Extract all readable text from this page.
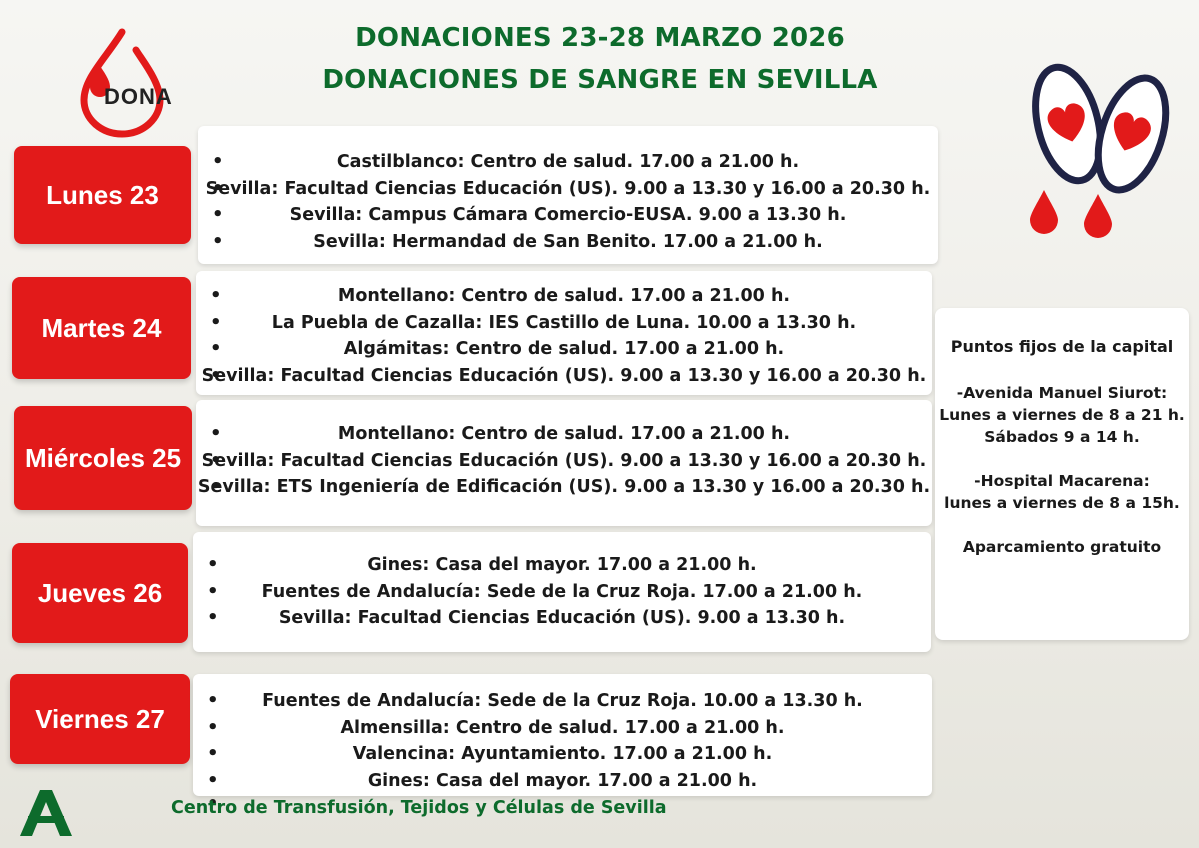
DONACIONES 23-28 MARZO 2026
DONACIONES DE SANGRE EN SEVILLA
DONA
Lunes 23
• Castilblanco: Centro de salud. 17.00 a 21.00 h.
• Sevilla: Facultad Ciencias Educación (US). 9.00 a 13.30 y 16.00 a 20.30 h.
• Sevilla: Campus Cámara Comercio-EUSA. 9.00 a 13.30 h.
• Sevilla: Hermandad de San Benito. 17.00 a 21.00 h.
Martes 24
• Montellano: Centro de salud. 17.00 a 21.00 h.
• La Puebla de Cazalla: IES Castillo de Luna. 10.00 a 13.30 h.
• Algámitas: Centro de salud. 17.00 a 21.00 h.
• Sevilla: Facultad Ciencias Educación (US). 9.00 a 13.30 y 16.00 a 20.30 h.
Miércoles 25
• Montellano: Centro de salud. 17.00 a 21.00 h.
• Sevilla: Facultad Ciencias Educación (US). 9.00 a 13.30 y 16.00 a 20.30 h.
• Sevilla: ETS Ingeniería de Edificación (US). 9.00 a 13.30 y 16.00 a 20.30 h.
Jueves 26
• Gines: Casa del mayor. 17.00 a 21.00 h.
• Fuentes de Andalucía: Sede de la Cruz Roja. 17.00 a 21.00 h.
• Sevilla: Facultad Ciencias Educación (US). 9.00 a 13.30 h.
Viernes 27
• Fuentes de Andalucía: Sede de la Cruz Roja. 10.00 a 13.30 h.
• Almensilla: Centro de salud. 17.00 a 21.00 h.
• Valencina: Ayuntamiento. 17.00 a 21.00 h.
• Gines: Casa del mayor. 17.00 a 21.00 h.
•
Puntos fijos de la capital
-Avenida Manuel Siurot:
Lunes a viernes de 8 a 21 h.
Sábados 9 a 14 h.
-Hospital Macarena:
lunes a viernes de 8 a 15h.
Aparcamiento gratuito
Centro de Transfusión, Tejidos y Células de Sevilla
